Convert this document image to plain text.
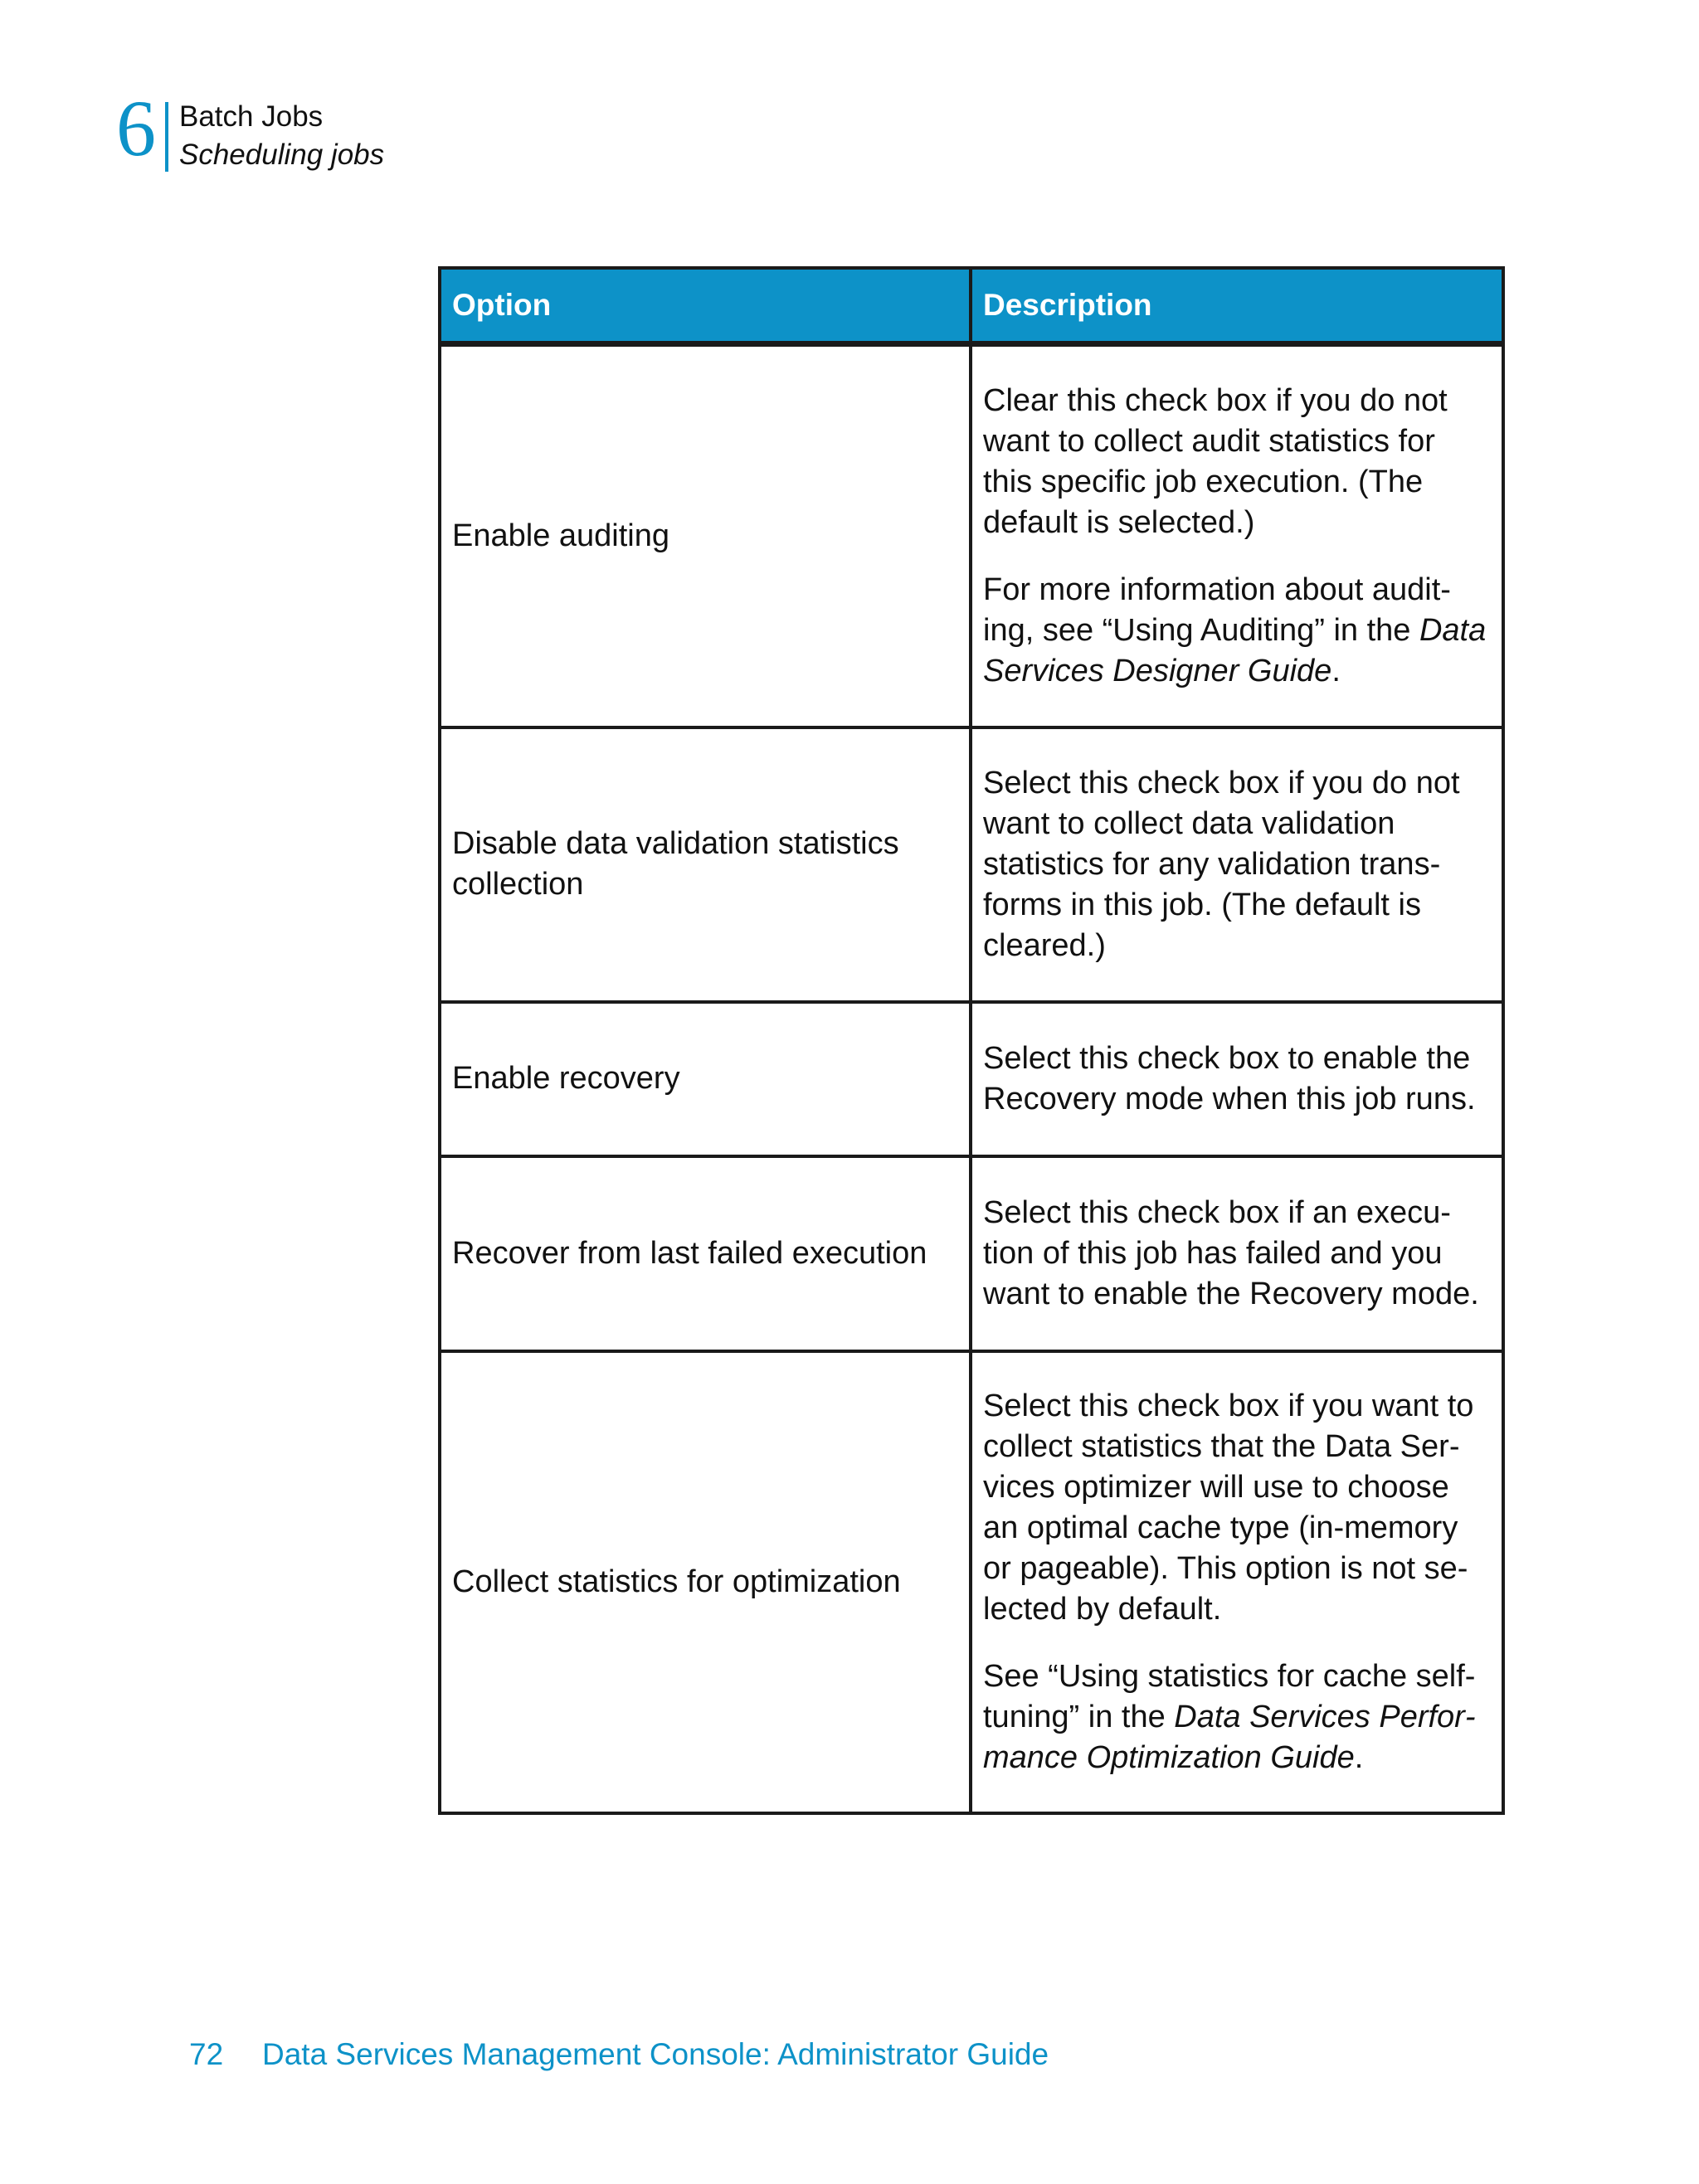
6 Batch Jobs
Scheduling jobs
Option	Description
Enable auditing	Clear this check box if you do not want to collect audit statistics for this specific job execution. (The default is selected.)

For more information about auditing, see “Using Auditing” in the Data Services Designer Guide.

Disable data validation statistics collection	Select this check box if you do not want to collect data validation statistics for any validation transforms in this job. (The default is cleared.)

Enable recovery	Select this check box to enable the Recovery mode when this job runs.

Recover from last failed execution	Select this check box if an execution of this job has failed and you want to enable the Recovery mode.

Collect statistics for optimization	Select this check box if you want to collect statistics that the Data Services optimizer will use to choose an optimal cache type (in-memory or pageable). This option is not selected by default.

See “Using statistics for cache self-tuning” in the Data Services Performance Optimization Guide.

72 Data Services Management Console: Administrator Guide
